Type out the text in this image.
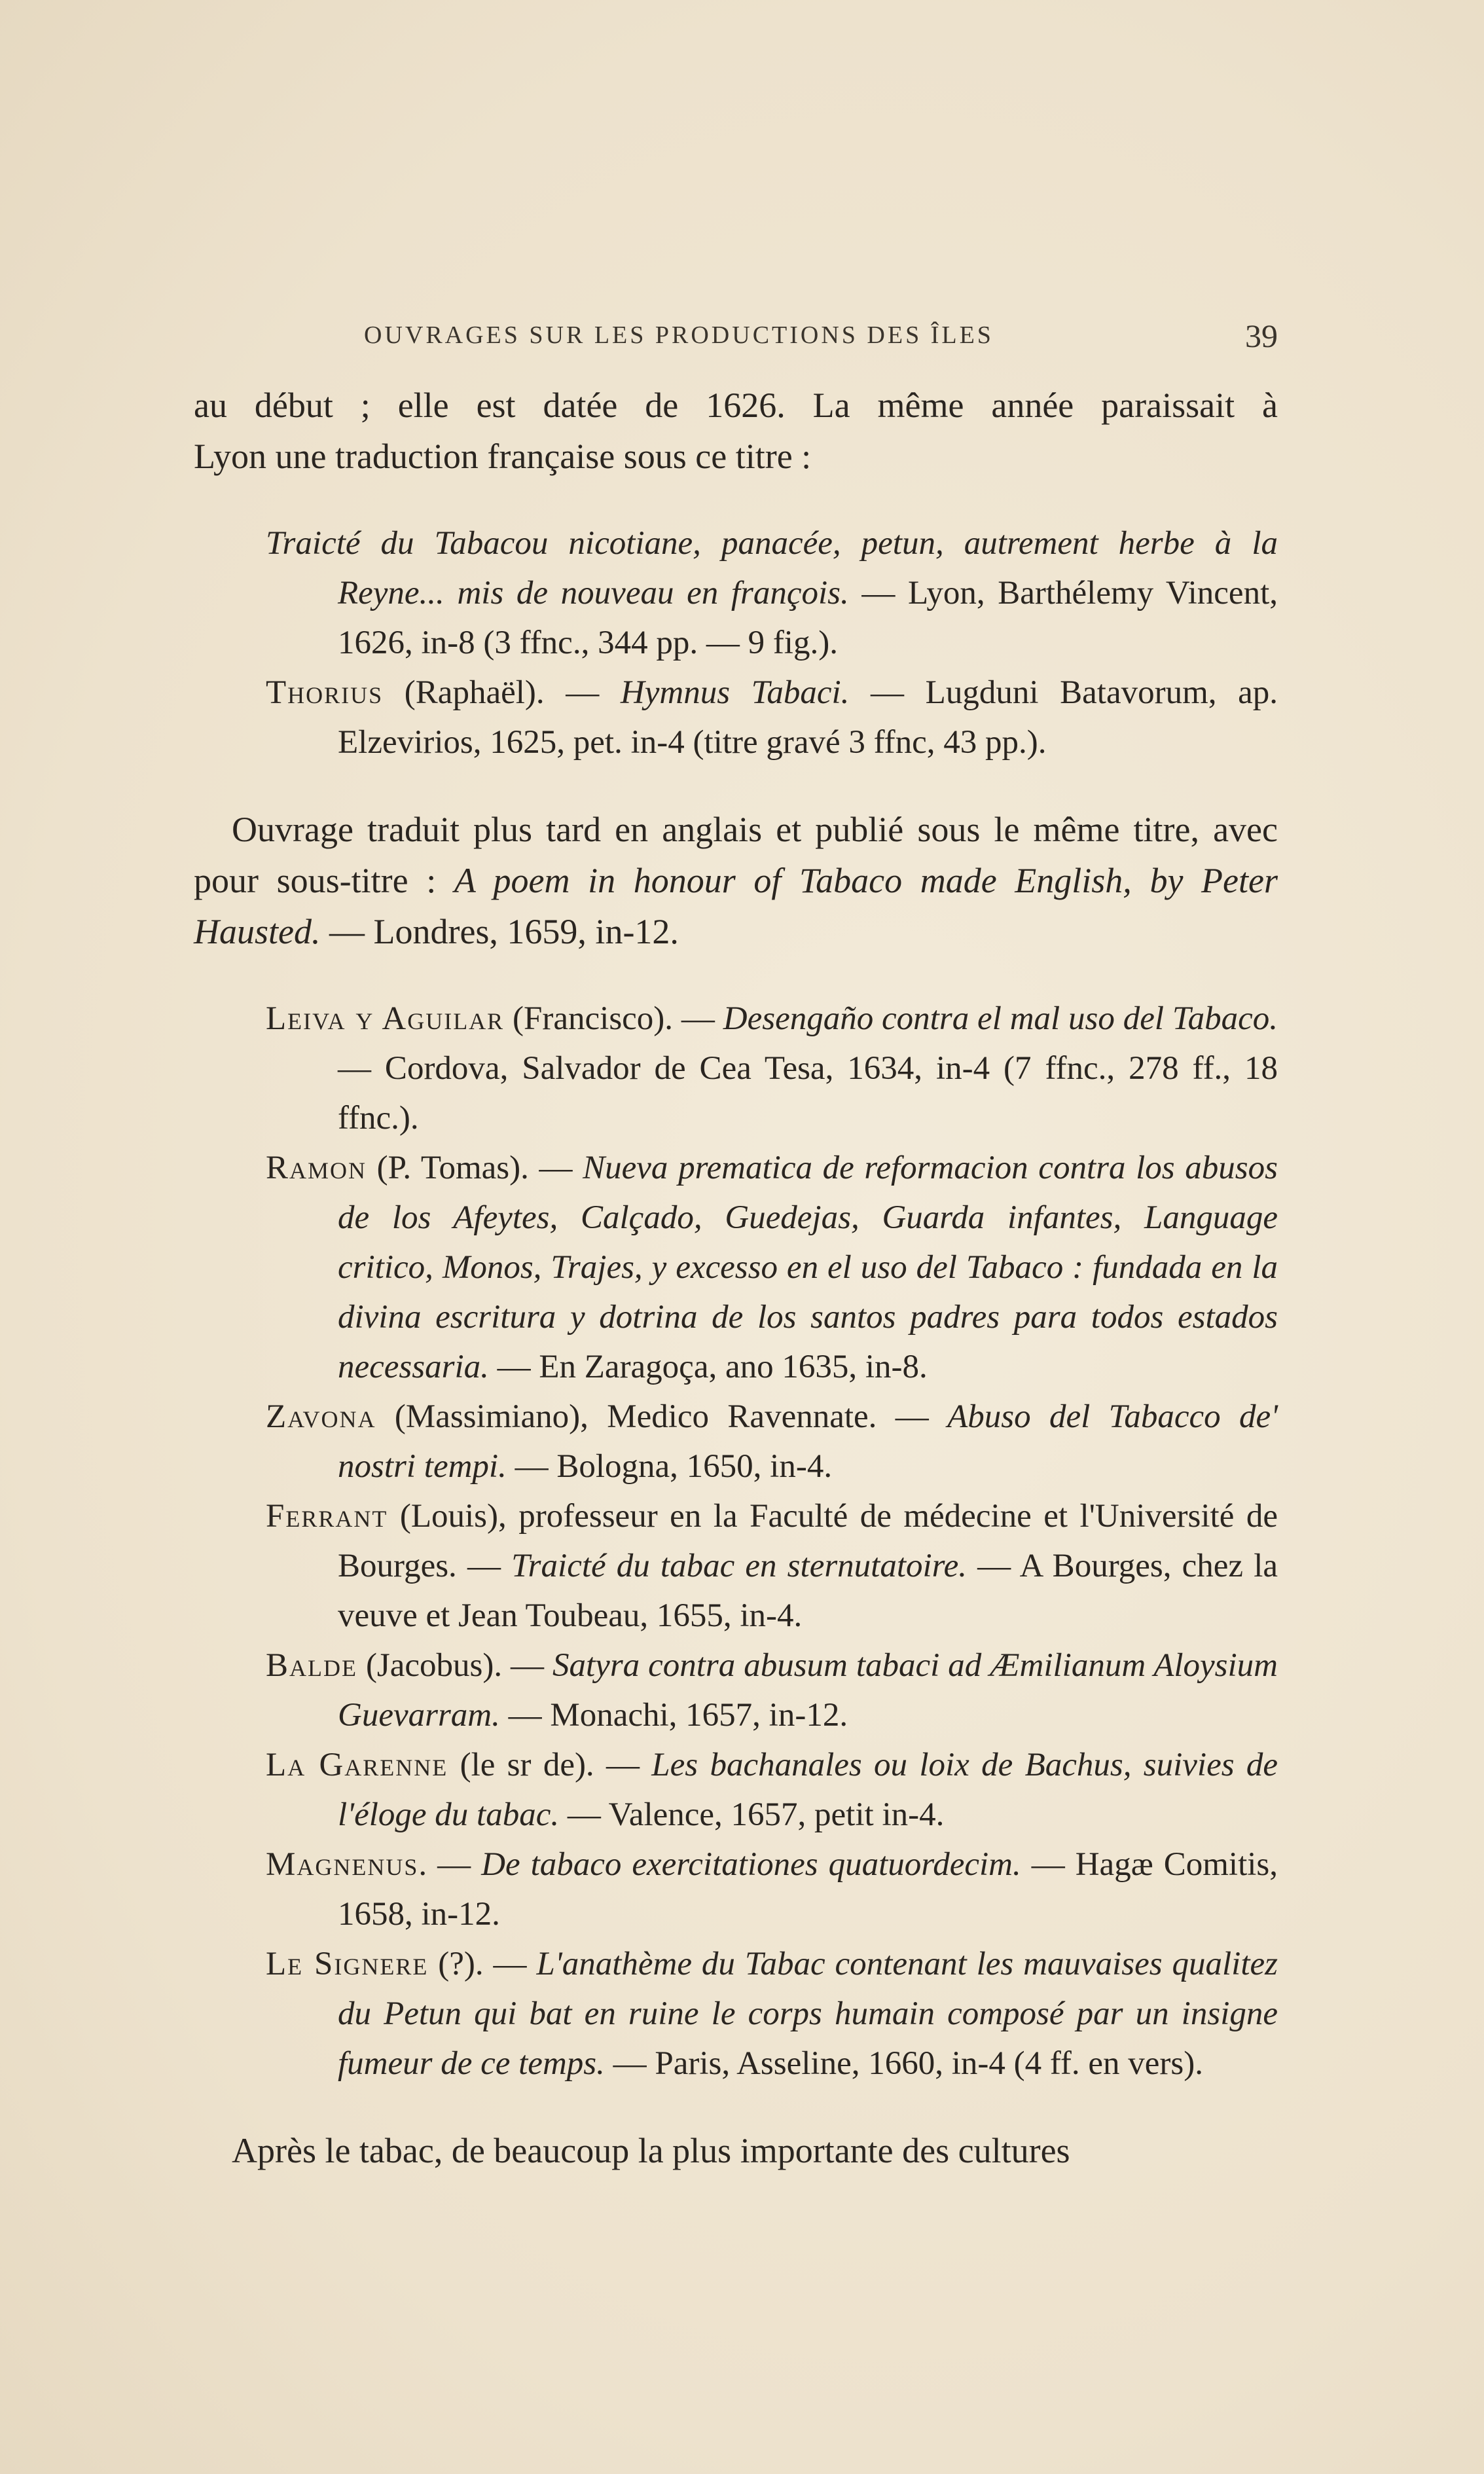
OUVRAGES SUR LES PRODUCTIONS DES ÎLES	39

au début ; elle est datée de 1626. La même année paraissait à

Lyon une traduction française sous ce titre :

Traicté du Tabacou nicotiane, panacée, petun, autrement herbe à la Reyne... mis de nouveau en françois. — Lyon, Barthélemy Vincent, 1626, in-8 (3 ffnc., 344 pp. — 9 fig.).

Thorius (Raphaël). — Hymnus Tabaci. — Lugduni Batavorum, ap. Elzevirios, 1625, pet. in-4 (titre gravé 3 ffnc, 43 pp.).

Ouvrage traduit plus tard en anglais et publié sous le même titre, avec pour sous-titre : A poem in honour of Tabaco made English, by Peter Hausted. — Londres, 1659, in-12.

Leiva y Aguilar (Francisco). — Desengaño contra el mal uso del Tabaco. — Cordova, Salvador de Cea Tesa, 1634, in-4 (7 ffnc., 278 ff., 18 ffnc.).

Ramon (P. Tomas). — Nueva prematica de reformacion contra los abusos de los Afeytes, Calçado, Guedejas, Guarda infantes, Language critico, Monos, Trajes, y excesso en el uso del Tabaco : fundada en la divina escritura y dotrina de los santos padres para todos estados necessaria. — En Zaragoça, ano 1635, in-8.

Zavona (Massimiano), Medico Ravennate. — Abuso del Tabacco de' nostri tempi. — Bologna, 1650, in-4.

Ferrant (Louis), professeur en la Faculté de médecine et l'Université de Bourges. — Traicté du tabac en sternutatoire. — A Bourges, chez la veuve et Jean Toubeau, 1655, in-4.

Balde (Jacobus). — Satyra contra abusum tabaci ad Æmilianum Aloysium Guevarram. — Monachi, 1657, in-12.

La Garenne (le sr de). — Les bachanales ou loix de Bachus, suivies de l'éloge du tabac. — Valence, 1657, petit in-4.

Magnenus. — De tabaco exercitationes quatuordecim. — Hagæ Comitis, 1658, in-12.

Le Signere (?). — L'anathème du Tabac contenant les mauvaises qualitez du Petun qui bat en ruine le corps humain composé par un insigne fumeur de ce temps. — Paris, Asseline, 1660, in-4 (4 ff. en vers).

Après le tabac, de beaucoup la plus importante des cultures
